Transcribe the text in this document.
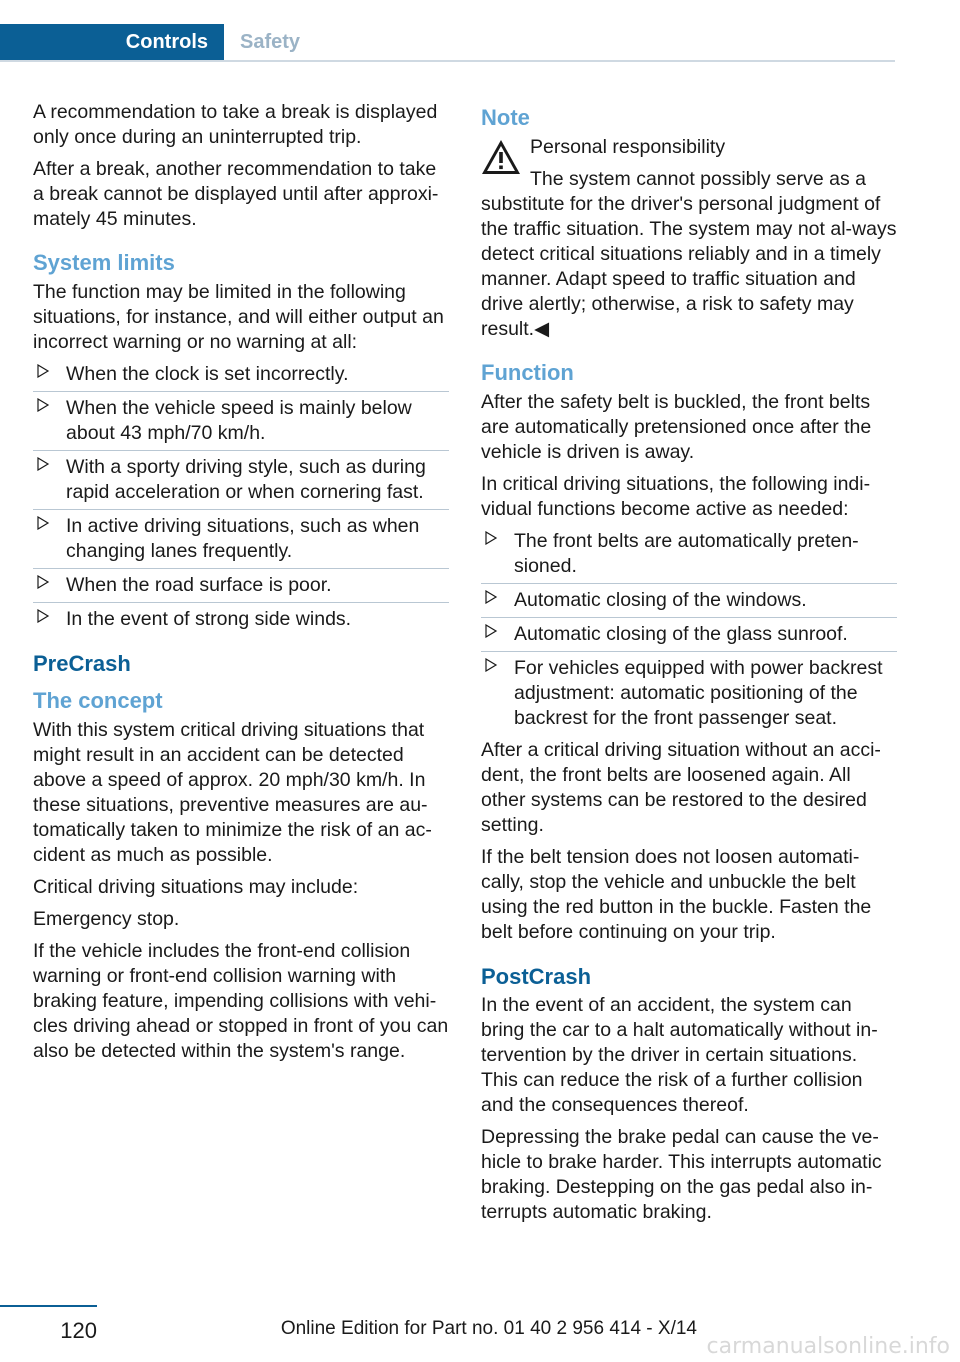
Controls	Safety

A recommendation to take a break is displayed only once during an uninterrupted trip.

After a break, another recommendation to take a break cannot be displayed until after approxi‐mately 45 minutes.

System limits

The function may be limited in the following situations, for instance, and will either output an incorrect warning or no warning at all:

When the clock is set incorrectly.
When the vehicle speed is mainly below about 43 mph/70 km/h.
With a sporty driving style, such as during rapid acceleration or when cornering fast.
In active driving situations, such as when changing lanes frequently.
When the road surface is poor.
In the event of strong side winds.
PreCrash
The concept

With this system critical driving situations that might result in an accident can be detected above a speed of approx. 20 mph/30 km/h. In these situations, preventive measures are au‐tomatically taken to minimize the risk of an ac‐cident as much as possible.

Critical driving situations may include:

Emergency stop.

If the vehicle includes the front-end collision warning or front-end collision warning with braking feature, impending collisions with vehi‐cles driving ahead or stopped in front of you can also be detected within the system's range.

Note
Personal responsibility
The system cannot possibly serve as a

substitute for the driver's personal judgment of the traffic situation. The system may not al‐ways detect critical situations reliably and in a timely manner. Adapt speed to traffic situation and drive alertly; otherwise, a risk to safety may result.◀

Function

After the safety belt is buckled, the front belts are automatically pretensioned once after the vehicle is driven is away.

In critical driving situations, the following indi‐vidual functions become active as needed:

The front belts are automatically preten‐sioned.
Automatic closing of the windows.
Automatic closing of the glass sunroof.
For vehicles equipped with power backrest adjustment: automatic positioning of the backrest for the front passenger seat.

After a critical driving situation without an acci‐dent, the front belts are loosened again. All other systems can be restored to the desired setting.

If the belt tension does not loosen automati‐cally, stop the vehicle and unbuckle the belt using the red button in the buckle. Fasten the belt before continuing on your trip.

PostCrash

In the event of an accident, the system can bring the car to a halt automatically without in‐tervention by the driver in certain situations. This can reduce the risk of a further collision and the consequences thereof.

Depressing the brake pedal can cause the ve‐hicle to brake harder. This interrupts automatic braking. Destepping on the gas pedal also in‐terrupts automatic braking.

120	Online Edition for Part no. 01 40 2 956 414 - X/14
carmanualsonline.info
